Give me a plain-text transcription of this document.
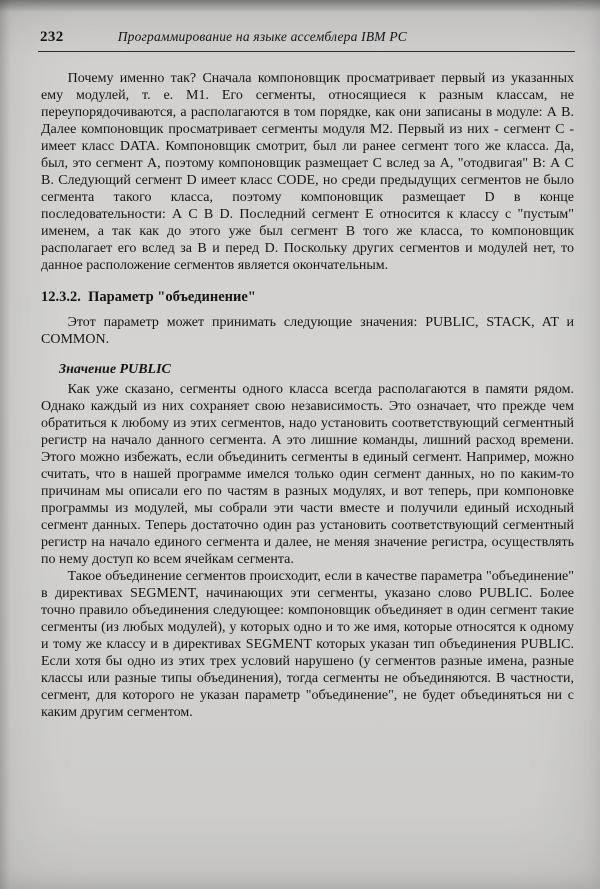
232	Программирование на языке ассемблера IBM PC

Почему именно так? Сначала компоновщик просматривает первый из указанных ему модулей, т. е. М1. Его сегменты, относящиеся к разным классам, не переупорядочиваются, а располагаются в том порядке, как они записаны в модуле: А В. Далее компоновщик просматривает сегменты модуля М2. Первый из них - сегмент С - имеет класс DATA. Компоновщик смотрит, был ли ранее сегмент того же класса. Да, был, это сегмент А, поэтому компоновщик размещает С вслед за А, "отодвигая" В: А С В. Следующий сегмент D имеет класс CODE, но среди предыдущих сегментов не было сегмента такого класса, поэтому компоновщик размещает D в конце последовательности: А С В D. Последний сегмент Е относится к классу с "пустым" именем, а так как до этого уже был сегмент В того же класса, то компоновщик располагает его вслед за В и перед D. Поскольку других сегментов и модулей нет, то данное расположение сегментов является окончательным.

12.3.2.  Параметр "объединение"

Этот параметр может принимать следующие значения: PUBLIC, STACK, AT и COMMON.

Значение PUBLIC

Как уже сказано, сегменты одного класса всегда располагаются в памяти рядом. Однако каждый из них сохраняет свою независимость. Это означает, что прежде чем обратиться к любому из этих сегментов, надо установить соответствующий сегментный регистр на начало данного сегмента. А это лишние команды, лишний расход времени. Этого можно избежать, если объединить сегменты в единый сегмент. Например, можно считать, что в нашей программе имелся только один сегмент данных, но по каким-то причинам мы описали его по частям в разных модулях, и вот теперь, при компоновке программы из модулей, мы собрали эти части вместе и получили единый исходный сегмент данных. Теперь достаточно один раз установить соответствующий сегментный регистр на начало единого сегмента и далее, не меняя значение регистра, осуществлять по нему доступ ко всем ячейкам сегмента.

Такое объединение сегментов происходит, если в качестве параметра "объединение" в директивах SEGMENT, начинающих эти сегменты, указано слово PUBLIC. Более точно правило объединения следующее: компоновщик объединяет в один сегмент такие сегменты (из любых модулей), у которых одно и то же имя, которые относятся к одному и тому же классу и в директивах SEGMENT которых указан тип объединения PUBLIC. Если хотя бы одно из этих трех условий нарушено (у сегментов разные имена, разные классы или разные типы объединения), тогда сегменты не объединяются. В частности, сегмент, для которого не указан параметр "объединение", не будет объединяться ни с каким другим сегментом.
